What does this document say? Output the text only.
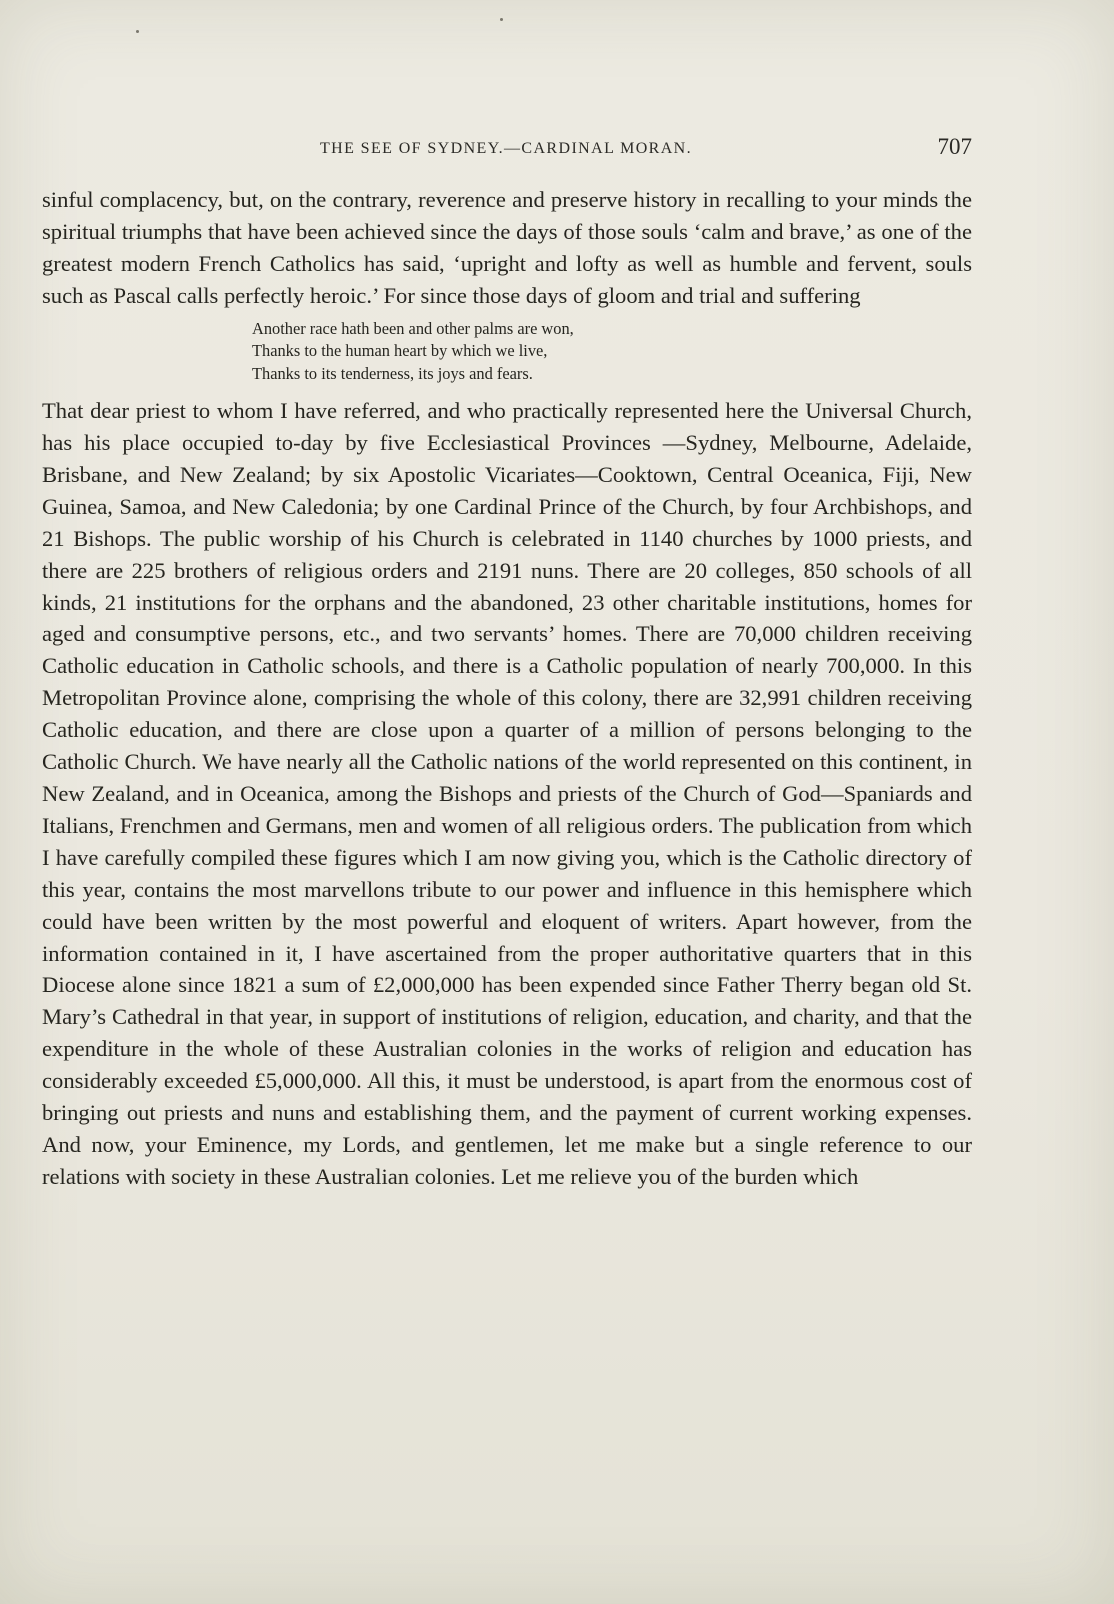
THE SEE OF SYDNEY.—CARDINAL MORAN.	707

sinful complacency, but, on the contrary, reverence and preserve history in recalling to your minds the spiritual triumphs that have been achieved since the days of those souls ‘calm and brave,’ as one of the greatest modern French Catholics has said, ‘upright and lofty as well as humble and fervent, souls such as Pascal calls perfectly heroic.’ For since those days of gloom and trial and suffering

Another race hath been and other palms are won,
Thanks to the human heart by which we live,
Thanks to its tenderness, its joys and fears.

That dear priest to whom I have referred, and who practically represented here the Universal Church, has his place occupied to-day by five Ecclesiastical Provinces —Sydney, Melbourne, Adelaide, Brisbane, and New Zealand; by six Apostolic Vicariates—Cooktown, Central Oceanica, Fiji, New Guinea, Samoa, and New Caledonia; by one Cardinal Prince of the Church, by four Archbishops, and 21 Bishops. The public worship of his Church is celebrated in 1140 churches by 1000 priests, and there are 225 brothers of religious orders and 2191 nuns. There are 20 colleges, 850 schools of all kinds, 21 institutions for the orphans and the abandoned, 23 other charitable institutions, homes for aged and consumptive persons, etc., and two servants’ homes. There are 70,000 children receiving Catholic education in Catholic schools, and there is a Catholic population of nearly 700,000. In this Metropolitan Province alone, comprising the whole of this colony, there are 32,991 children receiving Catholic education, and there are close upon a quarter of a million of persons belonging to the Catholic Church. We have nearly all the Catholic nations of the world represented on this continent, in New Zealand, and in Oceanica, among the Bishops and priests of the Church of God—Spaniards and Italians, Frenchmen and Germans, men and women of all religious orders. The publication from which I have carefully compiled these figures which I am now giving you, which is the Catholic directory of this year, contains the most marvellons tribute to our power and influence in this hemisphere which could have been written by the most powerful and eloquent of writers. Apart however, from the information contained in it, I have ascertained from the proper authoritative quarters that in this Diocese alone since 1821 a sum of £2,000,000 has been expended since Father Therry began old St. Mary’s Cathedral in that year, in support of institutions of religion, education, and charity, and that the expenditure in the whole of these Australian colonies in the works of religion and education has considerably exceeded £5,000,000. All this, it must be understood, is apart from the enormous cost of bringing out priests and nuns and establishing them, and the payment of current working expenses. And now, your Eminence, my Lords, and gentlemen, let me make but a single reference to our relations with society in these Australian colonies. Let me relieve you of the burden which
